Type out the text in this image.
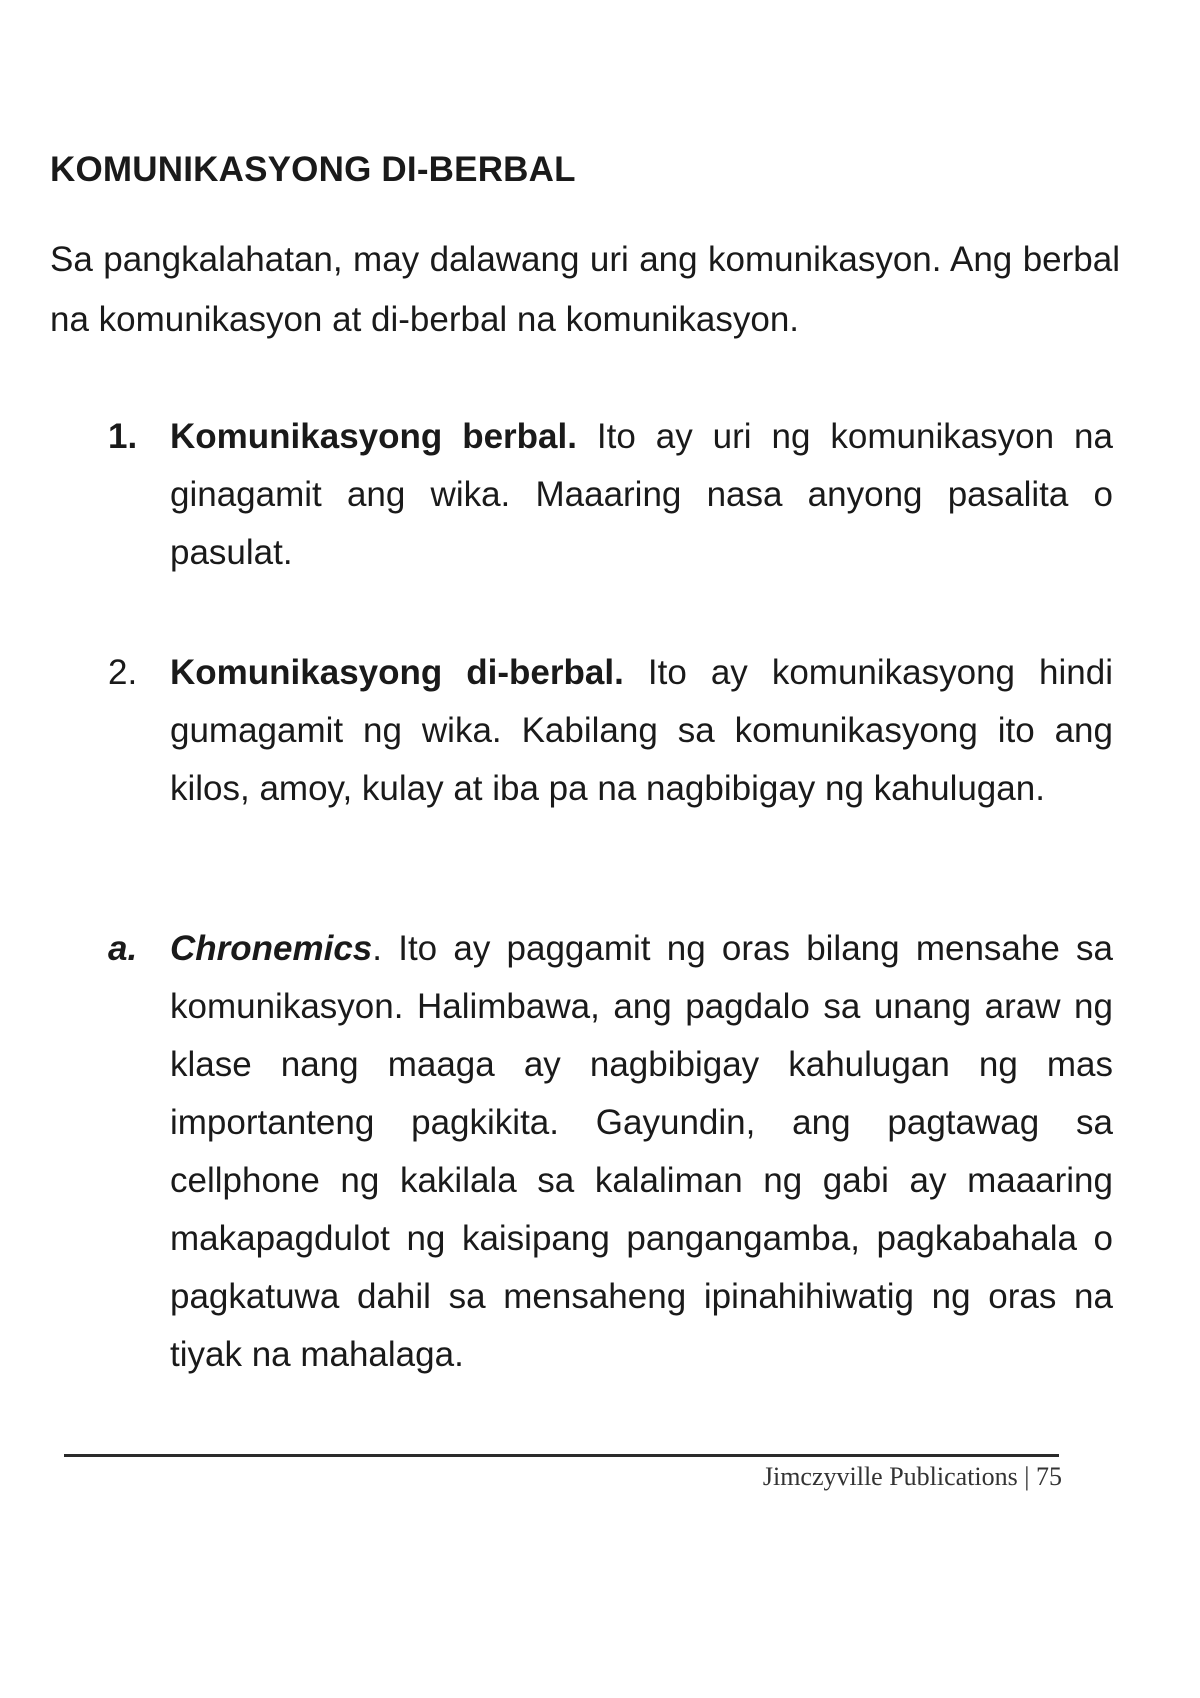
KOMUNIKASYONG DI-BERBAL
Sa pangkalahatan, may dalawang uri ang komunikasyon. Ang berbal na komunikasyon at di-berbal na komunikasyon.
1. Komunikasyong berbal. Ito ay uri ng komunikasyon na ginagamit ang wika. Maaaring nasa anyong pasalita o pasulat.
2. Komunikasyong di-berbal. Ito ay komunikasyong hindi gumagamit ng wika. Kabilang sa komunikasyong ito ang kilos, amoy, kulay at iba pa na nagbibigay ng kahulugan.
a. Chronemics. Ito ay paggamit ng oras bilang mensahe sa komunikasyon. Halimbawa, ang pagdalo sa unang araw ng klase nang maaga ay nagbibigay kahulugan ng mas importanteng pagkikita. Gayundin, ang pagtawag sa cellphone ng kakilala sa kalaliman ng gabi ay maaaring makapagdulot ng kaisipang pangangamba, pagkabahala o pagkatuwa dahil sa mensaheng ipinahihiwatig ng oras na tiyak na mahalaga.
Jimczyville Publications | 75
